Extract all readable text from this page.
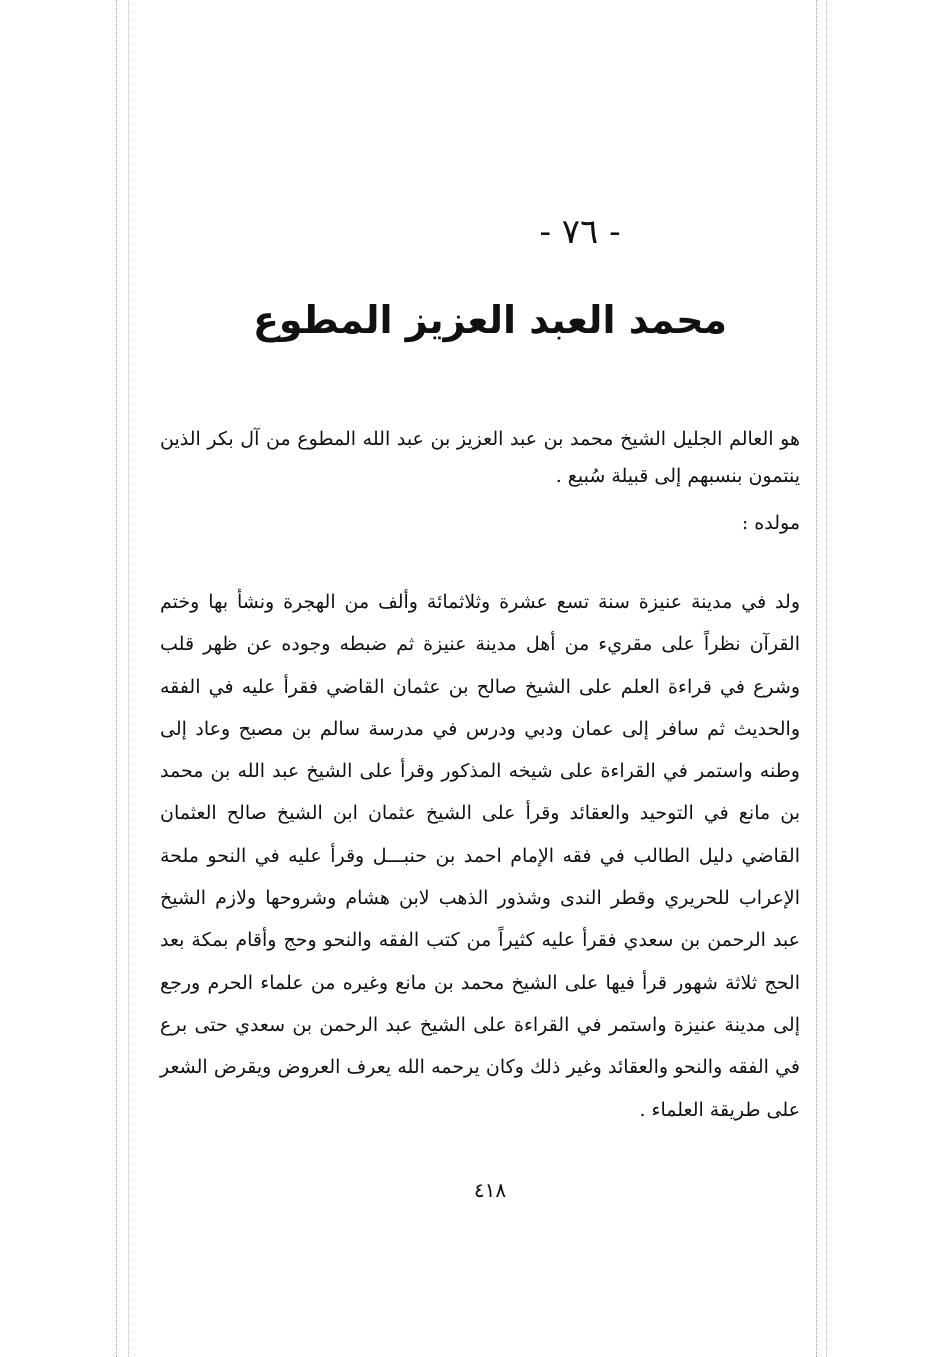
- ٧٦ -
محمد العبد العزيز المطوع

هو العالم الجليل الشيخ محمد بن عبد العزيز بن عبد الله المطوع من آل بكر الذين ينتمون بنسبهم إلى قبيلة سُبيع .

مولده :

ولد في مدينة عنيزة سنة تسع عشرة وثلاثمائة وألف من الهجرة ونشأ بها وختم القرآن نظراً على مقريء من أهل مدينة عنيزة ثم ضبطه وجوده عن ظهر قلب وشرع في قراءة العلم على الشيخ صالح بن عثمان القاضي فقرأ عليه في الفقه والحديث ثم سافر إلى عمان ودبي ودرس في مدرسة سالم بن مصبح وعاد إلى وطنه واستمر في القراءة على شيخه المذكور وقرأ على الشيخ عبد الله بن محمد بن مانع في التوحيد والعقائد وقرأ على الشيخ عثمان ابن الشيخ صالح العثمان القاضي دليل الطالب في فقه الإمام احمد بن حنبـــل وقرأ عليه في النحو ملحة الإعراب للحريري وقطر الندى وشذور الذهب لابن هشام وشروحها ولازم الشيخ عبد الرحمن بن سعدي فقرأ عليه كثيراً من كتب الفقه والنحو وحج وأقام بمكة بعد الحج ثلاثة شهور قرأ فيها على الشيخ محمد بن مانع وغيره من علماء الحرم ورجع إلى مدينة عنيزة واستمر في القراءة على الشيخ عبد الرحمن بن سعدي حتى برع في الفقه والنحو والعقائد وغير ذلك وكان يرحمه الله يعرف العروض ويقرض الشعر على طريقة العلماء .

٤١٨
